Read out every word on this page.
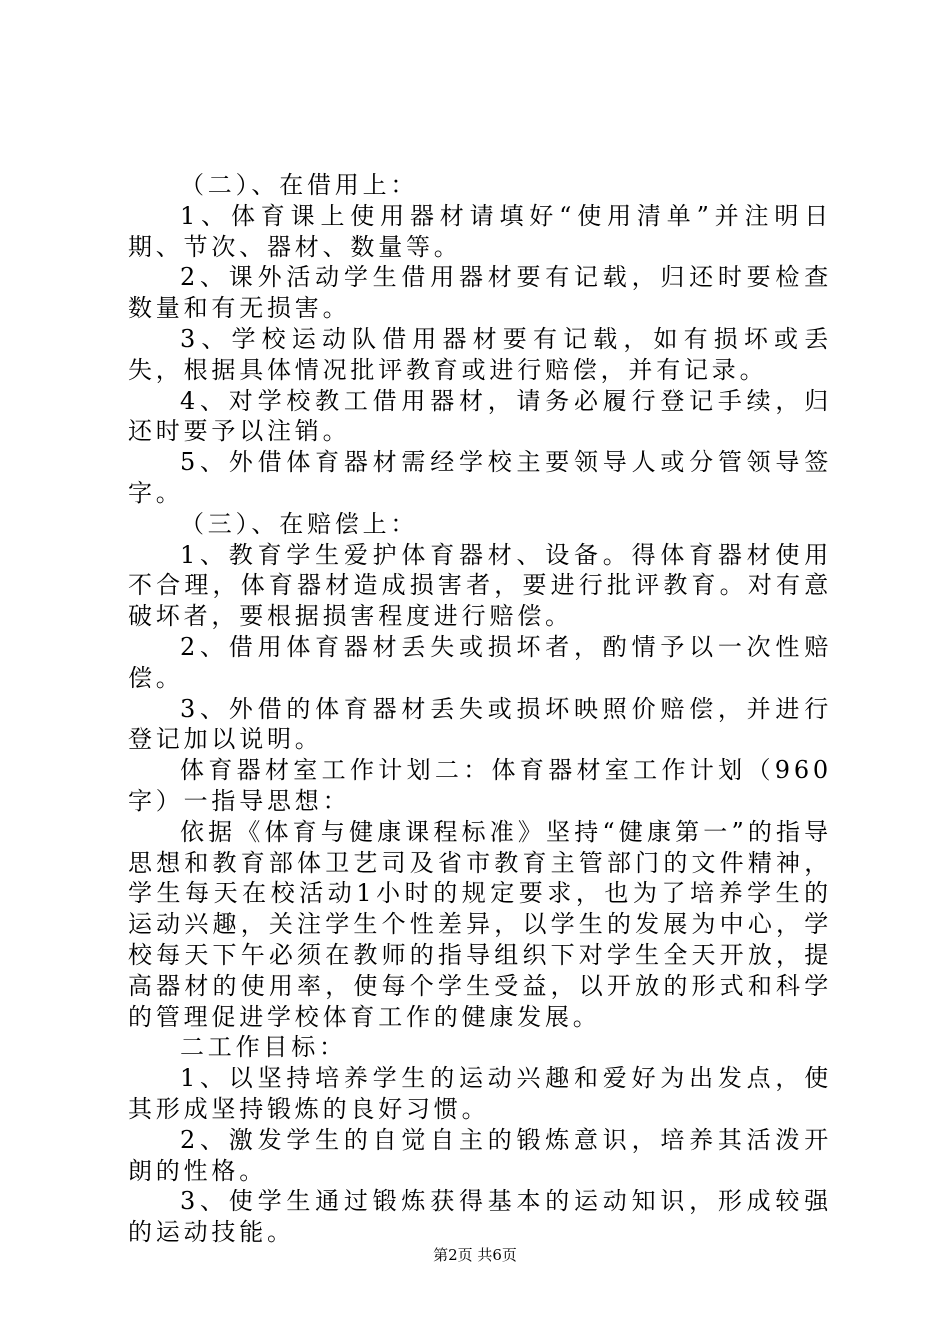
（二）、在借用上：

1、体育课上使用器材请填好“使用清单”并注明日期、节次、器材、数量等。

2、课外活动学生借用器材要有记载，归还时要检查数量和有无损害。

3、学校运动队借用器材要有记载，如有损坏或丢失，根据具体情况批评教育或进行赔偿，并有记录。

4、对学校教工借用器材，请务必履行登记手续，归还时要予以注销。

5、外借体育器材需经学校主要领导人或分管领导签字。

（三）、在赔偿上：

1、教育学生爱护体育器材、设备。得体育器材使用不合理，体育器材造成损害者，要进行批评教育。对有意破坏者，要根据损害程度进行赔偿。

2、借用体育器材丢失或损坏者，酌情予以一次性赔偿。

3、外借的体育器材丢失或损坏映照价赔偿，并进行登记加以说明。

体育器材室工作计划二：体育器材室工作计划（960字）一指导思想：

依据《体育与健康课程标准》坚持“健康第一”的指导思想和教育部体卫艺司及省市教育主管部门的文件精神，学生每天在校活动1小时的规定要求，也为了培养学生的运动兴趣，关注学生个性差异，以学生的发展为中心，学校每天下午必须在教师的指导组织下对学生全天开放，提高器材的使用率，使每个学生受益，以开放的形式和科学的管理促进学校体育工作的健康发展。

二工作目标：

1、以坚持培养学生的运动兴趣和爱好为出发点，使其形成坚持锻炼的良好习惯。

2、激发学生的自觉自主的锻炼意识，培养其活泼开朗的性格。

3、使学生通过锻炼获得基本的运动知识，形成较强的运动技能。

第2页 共6页
